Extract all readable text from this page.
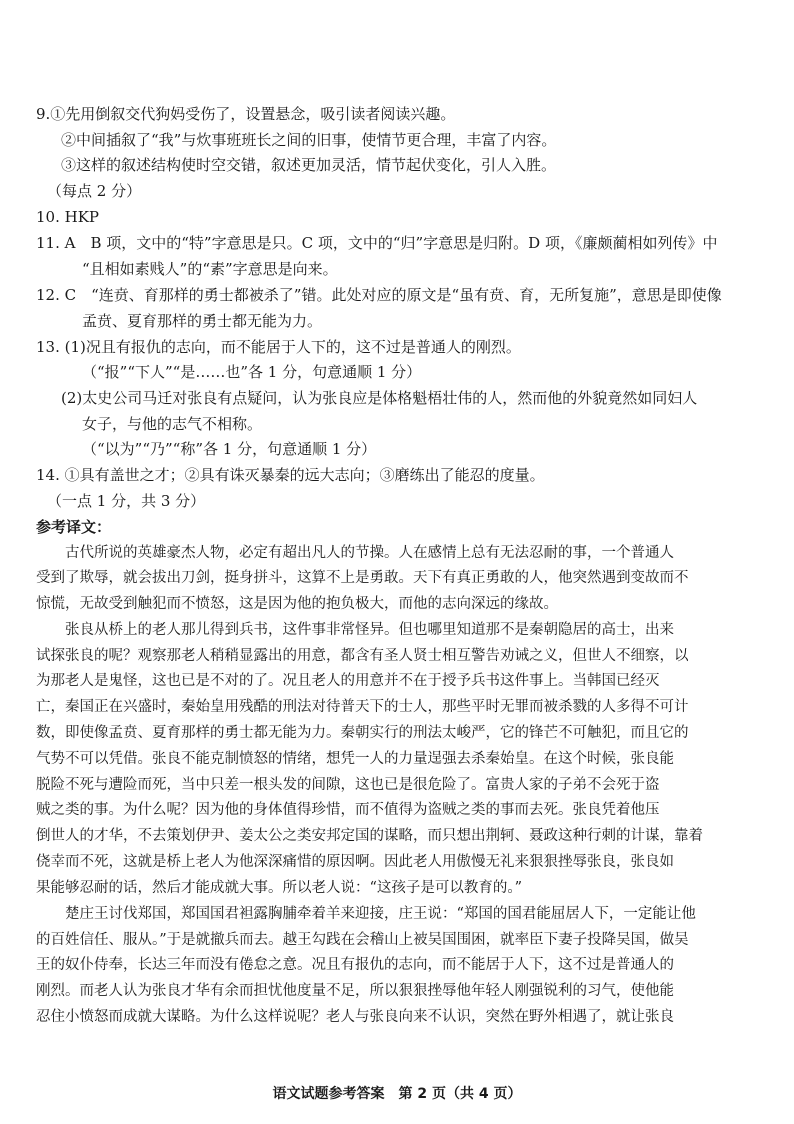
9.①先用倒叙交代狗妈受伤了，设置悬念，吸引读者阅读兴趣。
②中间插叙了“我”与炊事班班长之间的旧事，使情节更合理，丰富了内容。
③这样的叙述结构使时空交错，叙述更加灵活，情节起伏变化，引人入胜。
（每点 2 分）
10. HKP
11. A　B 项，文中的“特”字意思是只。C 项，文中的“归”字意思是归附。D 项，《廉颇蔺相如列传》中
“且相如素贱人”的“素”字意思是向来。
12. C　“连贲、育那样的勇士都被杀了”错。此处对应的原文是“虽有贲、育，无所复施”，意思是即使像
孟贲、夏育那样的勇士都无能为力。
13. (1)况且有报仇的志向，而不能居于人下的，这不过是普通人的刚烈。
（“报”“下人”“是……也”各 1 分，句意通顺 1 分）
(2)太史公司马迁对张良有点疑问，认为张良应是体格魁梧壮伟的人，然而他的外貌竟然如同妇人
女子，与他的志气不相称。
（“以为”“乃”“称”各 1 分，句意通顺 1 分）
14. ①具有盖世之才；②具有诛灭暴秦的远大志向；③磨练出了能忍的度量。
（一点 1 分，共 3 分）
参考译文：
古代所说的英雄豪杰人物，必定有超出凡人的节操。人在感情上总有无法忍耐的事，一个普通人
受到了欺辱，就会拔出刀剑，挺身拼斗，这算不上是勇敢。天下有真正勇敢的人，他突然遇到变故而不
惊慌，无故受到触犯而不愤怒，这是因为他的抱负极大，而他的志向深远的缘故。
张良从桥上的老人那儿得到兵书，这件事非常怪异。但也哪里知道那不是秦朝隐居的高士，出来
试探张良的呢？观察那老人稍稍显露出的用意，都含有圣人贤士相互警告劝诫之义，但世人不细察，以
为那老人是鬼怪，这也已是不对的了。况且老人的用意并不在于授予兵书这件事上。当韩国已经灭
亡，秦国正在兴盛时，秦始皇用残酷的刑法对待普天下的士人，那些平时无罪而被杀戮的人多得不可计
数，即使像孟贲、夏育那样的勇士都无能为力。秦朝实行的刑法太峻严，它的锋芒不可触犯，而且它的
气势不可以凭借。张良不能克制愤怒的情绪，想凭一人的力量逞强去杀秦始皇。在这个时候，张良能
脱险不死与遭险而死，当中只差一根头发的间隙，这也已是很危险了。富贵人家的子弟不会死于盗
贼之类的事。为什么呢？因为他的身体值得珍惜，而不值得为盗贼之类的事而去死。张良凭着他压
倒世人的才华，不去策划伊尹、姜太公之类安邦定国的谋略，而只想出荆轲、聂政这种行刺的计谋，靠着
侥幸而不死，这就是桥上老人为他深深痛惜的原因啊。因此老人用傲慢无礼来狠狠挫辱张良，张良如
果能够忍耐的话，然后才能成就大事。所以老人说：“这孩子是可以教育的。”
楚庄王讨伐郑国，郑国国君袒露胸脯牵着羊来迎接，庄王说：“郑国的国君能屈居人下，一定能让他
的百姓信任、服从。”于是就撤兵而去。越王勾践在会稽山上被吴国围困，就率臣下妻子投降吴国，做吴
王的奴仆侍奉，长达三年而没有倦怠之意。况且有报仇的志向，而不能居于人下，这不过是普通人的
刚烈。而老人认为张良才华有余而担忧他度量不足，所以狠狠挫辱他年轻人刚强锐利的习气，使他能
忍住小愤怒而成就大谋略。为什么这样说呢？老人与张良向来不认识，突然在野外相遇了，就让张良
语文试题参考答案　第 2 页（共 4 页）
